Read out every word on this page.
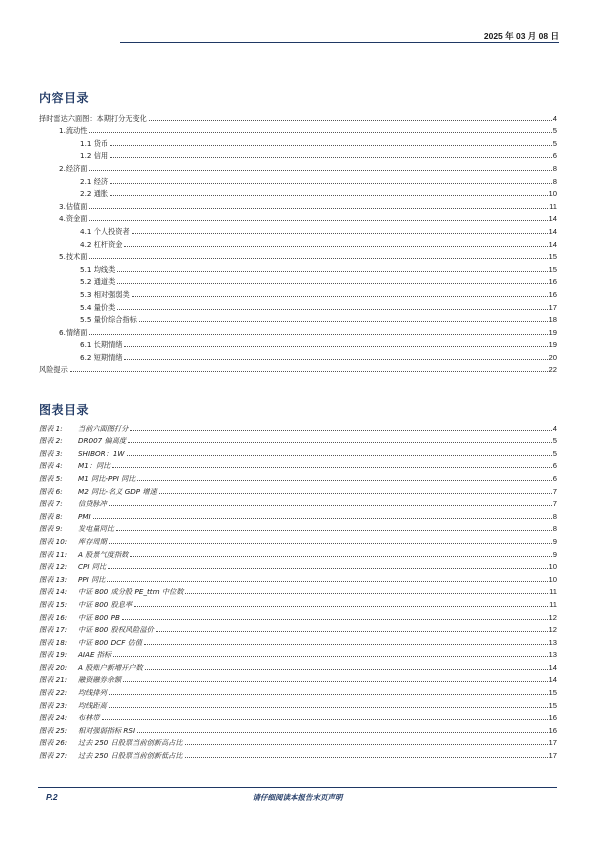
2025 年 03 月 08 日
内容目录
择时雷达六面图：本期打分无变化	4
1.流动性	5
1.1 货币	5
1.2 信用	6
2.经济面	8
2.1 经济	8
2.2 通胀	10
3.估值面	11
4.资金面	14
4.1 个人投资者	14
4.2 杠杆资金	14
5.技术面	15
5.1 均线类	15
5.2 通道类	16
5.3 相对强弱类	16
5.4 量价类	17
5.5 量价综合指标	18
6.情绪面	19
6.1 长期情绪	19
6.2 短期情绪	20
风险提示	22
图表目录
图表 1: 当前六面图打分	4
图表 2: DR007 偏离度	5
图表 3: SHIBOR：1W	5
图表 4: M1：同比	6
图表 5: M1 同比-PPI 同比	6
图表 6: M2 同比-名义 GDP 增速	7
图表 7: 信贷脉冲	7
图表 8: PMI	8
图表 9: 发电量同比	8
图表 10: 库存周期	9
图表 11: A 股景气度指数	9
图表 12: CPI 同比	10
图表 13: PPI 同比	10
图表 14: 中证 800 成分股 PE_ttm 中位数	11
图表 15: 中证 800 股息率	11
图表 16: 中证 800 PB	12
图表 17: 中证 800 股权风险溢价	12
图表 18: 中证 800 DCF 估值	13
图表 19: AIAE 指标	13
图表 20: A 股账户新增开户数	14
图表 21: 融资融券余额	14
图表 22: 均线排列	15
图表 23: 均线距离	15
图表 24: 布林带	16
图表 25: 相对强弱指标 RSI	16
图表 26: 过去 250 日股票当前创新高占比	17
图表 27: 过去 250 日股票当前创新低占比	17
P.2	请仔细阅读本报告末页声明
